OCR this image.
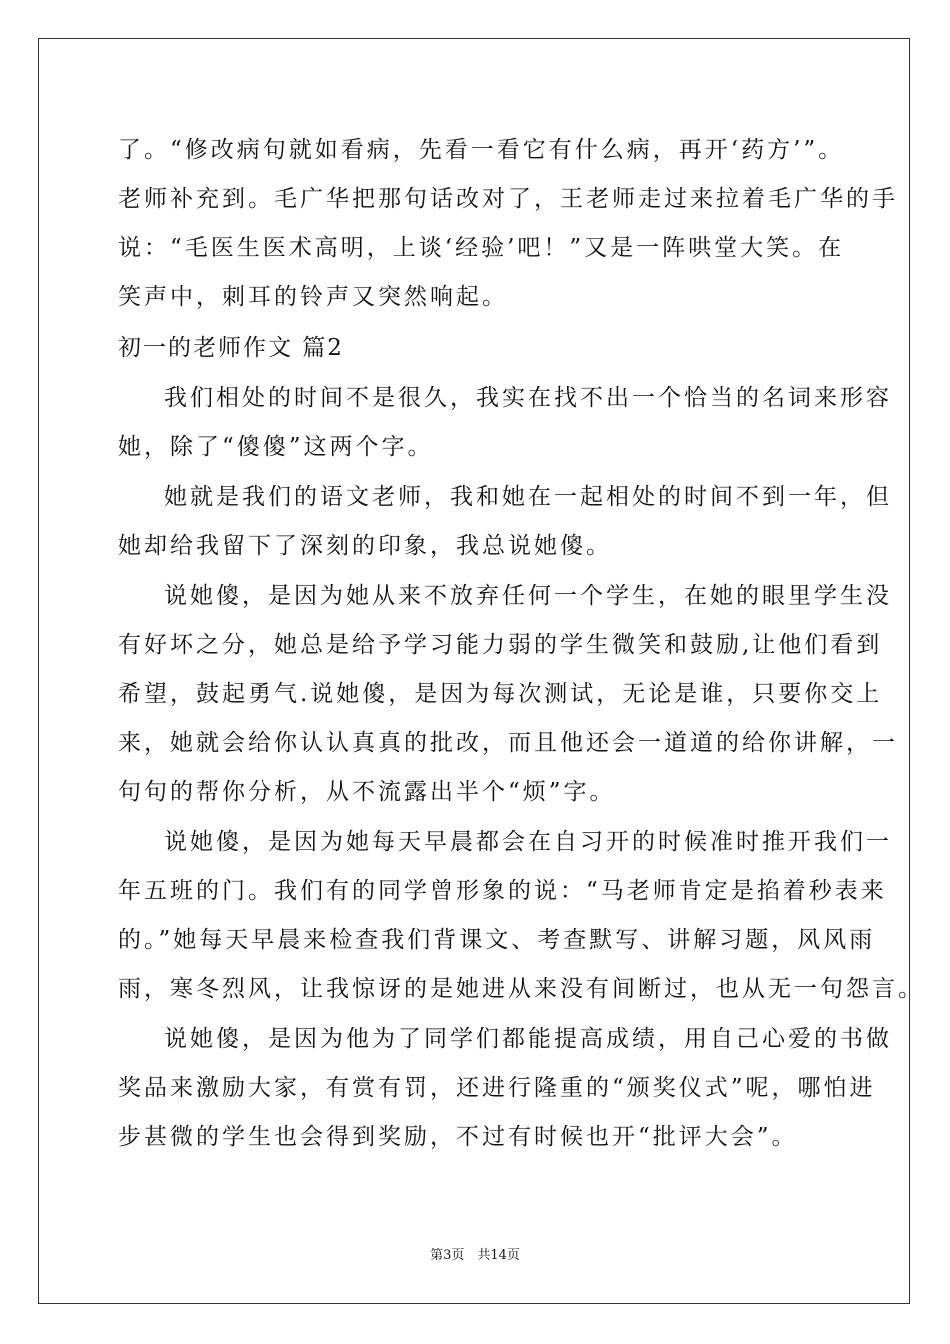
了。“修改病句就如看病，先看一看它有什么病，再开‘药方’”。
老师补充到。毛广华把那句话改对了，王老师走过来拉着毛广华的手
说：“毛医生医术高明，上谈‘经验’吧！”又是一阵哄堂大笑。在
笑声中，刺耳的铃声又突然响起。
初一的老师作文 篇2
我们相处的时间不是很久，我实在找不出一个恰当的名词来形容
她，除了“傻傻”这两个字。
她就是我们的语文老师，我和她在一起相处的时间不到一年，但
她却给我留下了深刻的印象，我总说她傻。
说她傻，是因为她从来不放弃任何一个学生，在她的眼里学生没
有好坏之分，她总是给予学习能力弱的学生微笑和鼓励,让他们看到
希望，鼓起勇气.说她傻，是因为每次测试，无论是谁，只要你交上
来，她就会给你认认真真的批改，而且他还会一道道的给你讲解，一
句句的帮你分析，从不流露出半个“烦”字。
说她傻，是因为她每天早晨都会在自习开的时候准时推开我们一
年五班的门。我们有的同学曾形象的说：“马老师肯定是掐着秒表来
的。”她每天早晨来检查我们背课文、考查默写、讲解习题，风风雨
雨，寒冬烈风，让我惊讶的是她进从来没有间断过，也从无一句怨言。
说她傻，是因为他为了同学们都能提高成绩，用自己心爱的书做
奖品来激励大家，有赏有罚，还进行隆重的“颁奖仪式”呢，哪怕进
步甚微的学生也会得到奖励，不过有时候也开“批评大会”。
第3页　共14页
